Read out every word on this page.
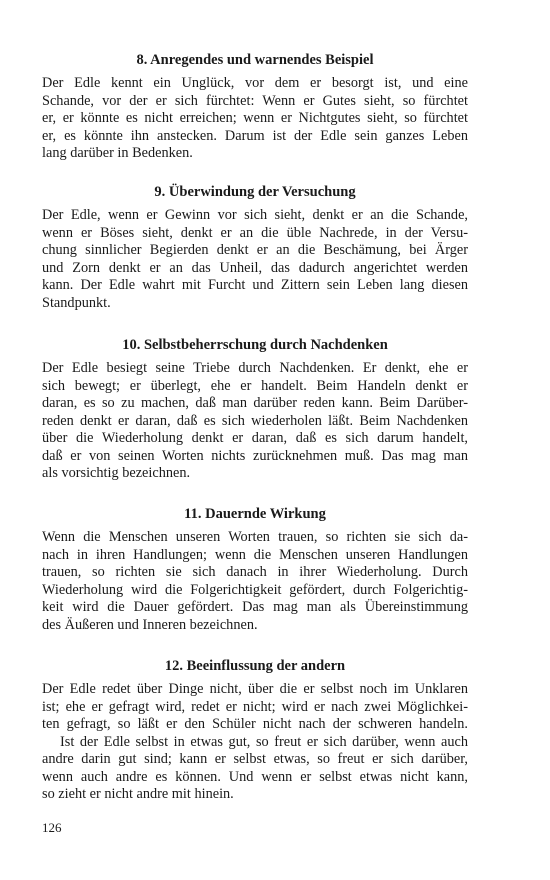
8. Anregendes und warnendes Beispiel
Der Edle kennt ein Unglück, vor dem er besorgt ist, und eine
Schande, vor der er sich fürchtet: Wenn er Gutes sieht, so fürchtet
er, er könnte es nicht erreichen; wenn er Nichtgutes sieht, so fürchtet
er, es könnte ihn anstecken. Darum ist der Edle sein ganzes Leben
lang darüber in Bedenken.
9. Überwindung der Versuchung
Der Edle, wenn er Gewinn vor sich sieht, denkt er an die Schande,
wenn er Böses sieht, denkt er an die üble Nachrede, in der Versu-
chung sinnlicher Begierden denkt er an die Beschämung, bei Ärger
und Zorn denkt er an das Unheil, das dadurch angerichtet werden
kann. Der Edle wahrt mit Furcht und Zittern sein Leben lang diesen
Standpunkt.
10. Selbstbeherrschung durch Nachdenken
Der Edle besiegt seine Triebe durch Nachdenken. Er denkt, ehe er
sich bewegt; er überlegt, ehe er handelt. Beim Handeln denkt er
daran, es so zu machen, daß man darüber reden kann. Beim Darüber-
reden denkt er daran, daß es sich wiederholen läßt. Beim Nachdenken
über die Wiederholung denkt er daran, daß es sich darum handelt,
daß er von seinen Worten nichts zurücknehmen muß. Das mag man
als vorsichtig bezeichnen.
11. Dauernde Wirkung
Wenn die Menschen unseren Worten trauen, so richten sie sich da-
nach in ihren Handlungen; wenn die Menschen unseren Handlungen
trauen, so richten sie sich danach in ihrer Wiederholung. Durch
Wiederholung wird die Folgerichtigkeit gefördert, durch Folgerichtig-
keit wird die Dauer gefördert. Das mag man als Übereinstimmung
des Äußeren und Inneren bezeichnen.
12. Beeinflussung der andern
Der Edle redet über Dinge nicht, über die er selbst noch im Unklaren
ist; ehe er gefragt wird, redet er nicht; wird er nach zwei Möglichkei-
ten gefragt, so läßt er den Schüler nicht nach der schweren handeln.
Ist der Edle selbst in etwas gut, so freut er sich darüber, wenn auch
andre darin gut sind; kann er selbst etwas, so freut er sich darüber,
wenn auch andre es können. Und wenn er selbst etwas nicht kann,
so zieht er nicht andre mit hinein.
126
